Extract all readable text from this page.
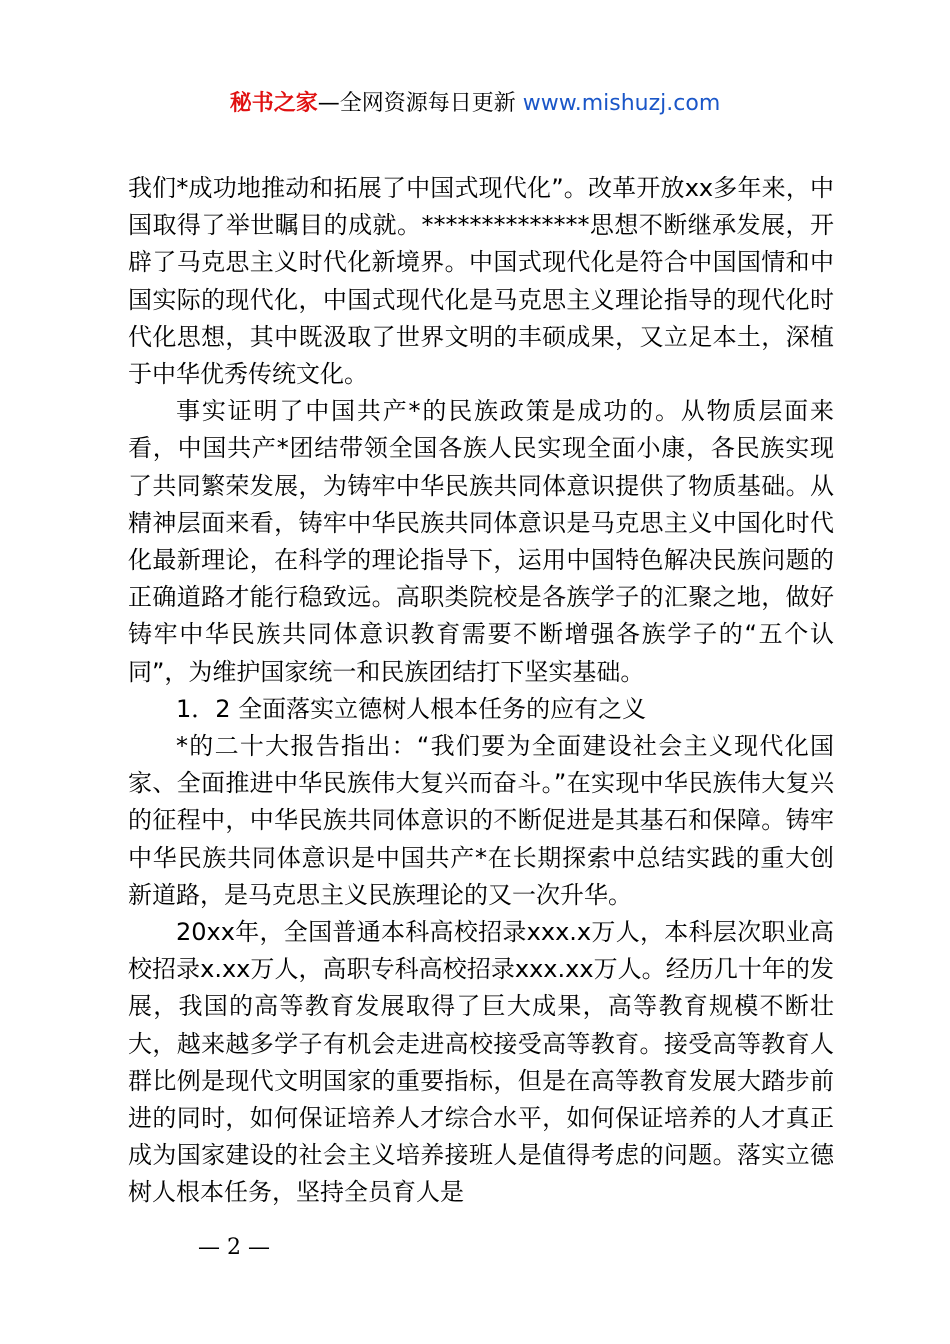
秘书之家—全网资源每日更新 www.mishuzj.com

我们*成功地推动和拓展了中国式现代化”。改革开放xx多年来，中国取得了举世瞩目的成就。**************思想不断继承发展，开辟了马克思主义时代化新境界。中国式现代化是符合中国国情和中国实际的现代化，中国式现代化是马克思主义理论指导的现代化时代化思想，其中既汲取了世界文明的丰硕成果，又立足本土，深植于中华优秀传统文化。

事实证明了中国共产*的民族政策是成功的。从物质层面来看，中国共产*团结带领全国各族人民实现全面小康，各民族实现了共同繁荣发展，为铸牢中华民族共同体意识提供了物质基础。从精神层面来看，铸牢中华民族共同体意识是马克思主义中国化时代化最新理论，在科学的理论指导下，运用中国特色解决民族问题的正确道路才能行稳致远。高职类院校是各族学子的汇聚之地，做好铸牢中华民族共同体意识教育需要不断增强各族学子的“五个认同”，为维护国家统一和民族团结打下坚实基础。

1．2 全面落实立德树人根本任务的应有之义

*的二十大报告指出：“我们要为全面建设社会主义现代化国家、全面推进中华民族伟大复兴而奋斗。”在实现中华民族伟大复兴的征程中，中华民族共同体意识的不断促进是其基石和保障。铸牢中华民族共同体意识是中国共产*在长期探索中总结实践的重大创新道路，是马克思主义民族理论的又一次升华。

20xx年，全国普通本科高校招录xxx.x万人，本科层次职业高校招录x.xx万人，高职专科高校招录xxx.xx万人。经历几十年的发展，我国的高等教育发展取得了巨大成果，高等教育规模不断壮大，越来越多学子有机会走进高校接受高等教育。接受高等教育人群比例是现代文明国家的重要指标，但是在高等教育发展大踏步前进的同时，如何保证培养人才综合水平，如何保证培养的人才真正成为国家建设的社会主义培养接班人是值得考虑的问题。落实立德树人根本任务，坚持全员育人是

— 2 —
